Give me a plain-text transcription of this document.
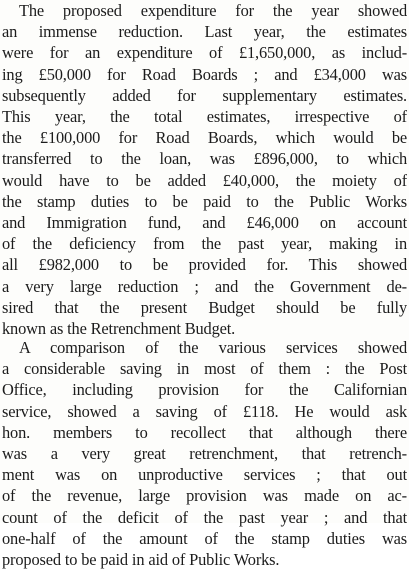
The proposed expenditure for the year showed
an immense reduction. Last year, the estimates
were for an expenditure of £1,650,000, as includ-
ing £50,000 for Road Boards ; and £34,000 was
subsequently added for supplementary estimates.
This year, the total estimates, irrespective of
the £100,000 for Road Boards, which would be
transferred to the loan, was £896,000, to which
would have to be added £40,000, the moiety of
the stamp duties to be paid to the Public Works
and Immigration fund, and £46,000 on account
of the deficiency from the past year, making in
all £982,000 to be provided for. This showed
a very large reduction ; and the Government de-
sired that the present Budget should be fully
known as the Retrenchment Budget.
A comparison of the various services showed
a considerable saving in most of them : the Post
Office, including provision for the Californian
service, showed a saving of £118. He would ask
hon. members to recollect that although there
was a very great retrenchment, that retrench-
ment was on unproductive services ; that out
of the revenue, large provision was made on ac-
count of the deficit of the past year ; and that
one-half of the amount of the stamp duties was
proposed to be paid in aid of Public Works.
